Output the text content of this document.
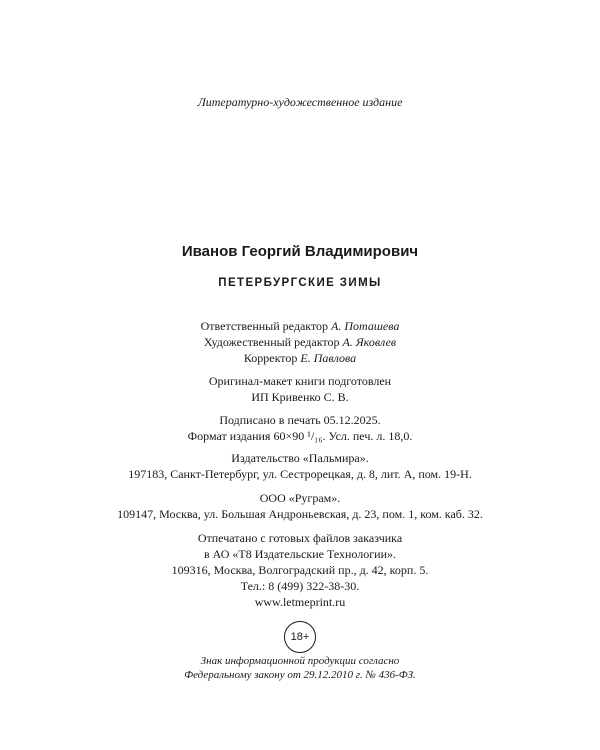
Литературно-художественное издание
Иванов Георгий Владимирович
ПЕТЕРБУРГСКИЕ ЗИМЫ
Ответственный редактор А. Поташева
Художественный редактор А. Яковлев
Корректор Е. Павлова
Оригинал-макет книги подготовлен
ИП Кривенко С. В.
Подписано в печать 05.12.2025.
Формат издания 60×90 ¹/₁₆. Усл. печ. л. 18,0.
Издательство «Пальмира».
197183, Санкт-Петербург, ул. Сестрорецкая, д. 8, лит. А, пом. 19-Н.
ООО «Руграм».
109147, Москва, ул. Большая Андроньевская, д. 23, пом. 1, ком. каб. 32.
Отпечатано с готовых файлов заказчика
в АО «Т8 Издательские Технологии».
109316, Москва, Волгоградский пр., д. 42, корп. 5.
Тел.: 8 (499) 322-38-30.
www.letmeprint.ru
18+
Знак информационной продукции согласно
Федеральному закону от 29.12.2010 г. № 436-ФЗ.
